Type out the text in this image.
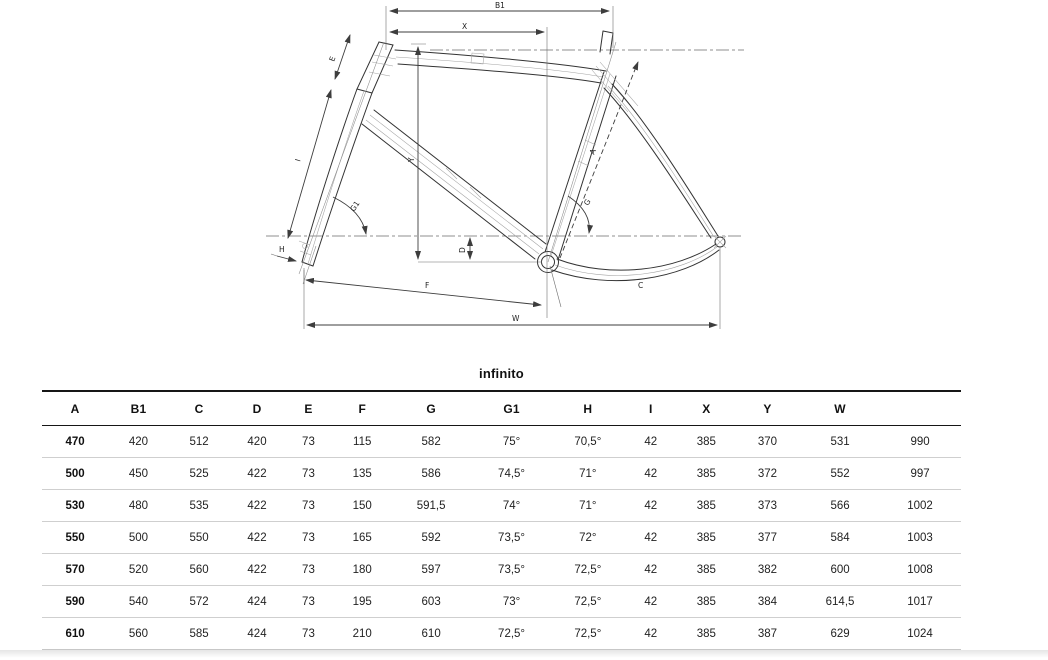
B1
X
E
I
G1
H
F
W
Y
D
A
G
C
infinito
A	B1	C	D	E	F	G	G1	H	I	X	Y	W	
470	420	512	420	73	115	582	75°	70,5°	42	385	370	531	990
500	450	525	422	73	135	586	74,5°	71°	42	385	372	552	997
530	480	535	422	73	150	591,5	74°	71°	42	385	373	566	1002
550	500	550	422	73	165	592	73,5°	72°	42	385	377	584	1003
570	520	560	422	73	180	597	73,5°	72,5°	42	385	382	600	1008
590	540	572	424	73	195	603	73°	72,5°	42	385	384	614,5	1017
610	560	585	424	73	210	610	72,5°	72,5°	42	385	387	629	1024
